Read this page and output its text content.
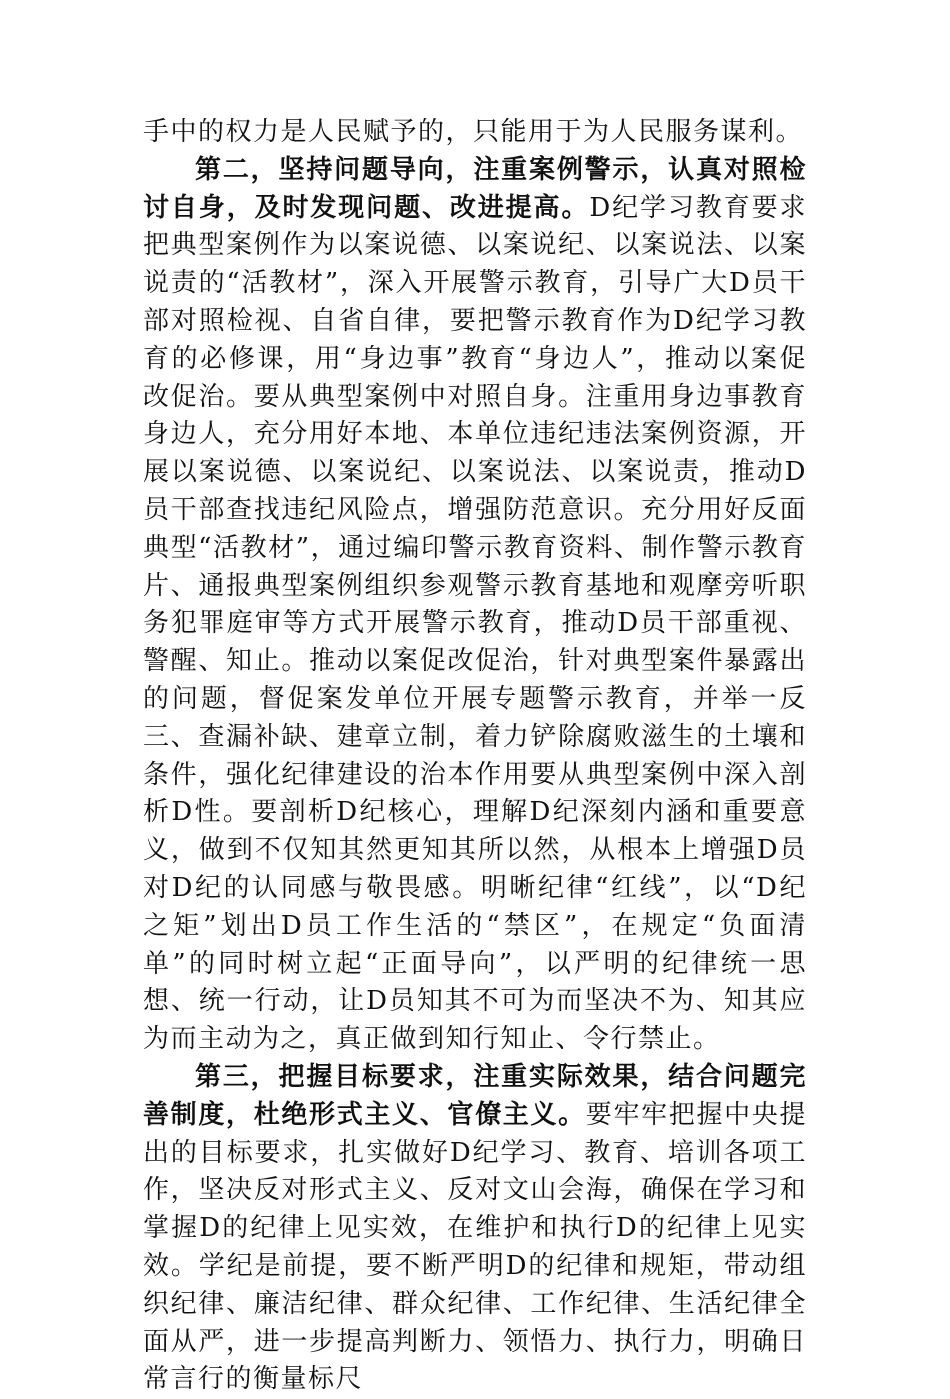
手中的权力是人民赋予的，只能用于为人民服务谋利。

第二，坚持问题导向，注重案例警示，认真对照检讨自身，及时发现问题、改进提高。D纪学习教育要求把典型案例作为以案说德、以案说纪、以案说法、以案说责的“活教材”，深入开展警示教育，引导广大D员干部对照检视、自省自律，要把警示教育作为D纪学习教育的必修课，用“身边事”教育“身边人”，推动以案促改促治。要从典型案例中对照自身。注重用身边事教育身边人，充分用好本地、本单位违纪违法案例资源，开展以案说德、以案说纪、以案说法、以案说责，推动D员干部查找违纪风险点，增强防范意识。充分用好反面典型“活教材”，通过编印警示教育资料、制作警示教育片、通报典型案例组织参观警示教育基地和观摩旁听职务犯罪庭审等方式开展警示教育，推动D员干部重视、警醒、知止。推动以案促改促治，针对典型案件暴露出的问题，督促案发单位开展专题警示教育，并举一反三、查漏补缺、建章立制，着力铲除腐败滋生的土壤和条件，强化纪律建设的治本作用要从典型案例中深入剖析D性。要剖析D纪核心，理解D纪深刻内涵和重要意义，做到不仅知其然更知其所以然，从根本上增强D员对D纪的认同感与敬畏感。明晰纪律“红线”，以“D纪之矩”划出D员工作生活的“禁区”，在规定“负面清单”的同时树立起“正面导向”，以严明的纪律统一思想、统一行动，让D员知其不可为而坚决不为、知其应为而主动为之，真正做到知行知止、令行禁止。

第三，把握目标要求，注重实际效果，结合问题完善制度，杜绝形式主义、官僚主义。要牢牢把握中央提出的目标要求，扎实做好D纪学习、教育、培训各项工作，坚决反对形式主义、反对文山会海，确保在学习和掌握D的纪律上见实效，在维护和执行D的纪律上见实效。学纪是前提，要不断严明D的纪律和规矩，带动组织纪律、廉洁纪律、群众纪律、工作纪律、生活纪律全面从严，进一步提高判断力、领悟力、执行力，明确日常言行的衡量标尺
